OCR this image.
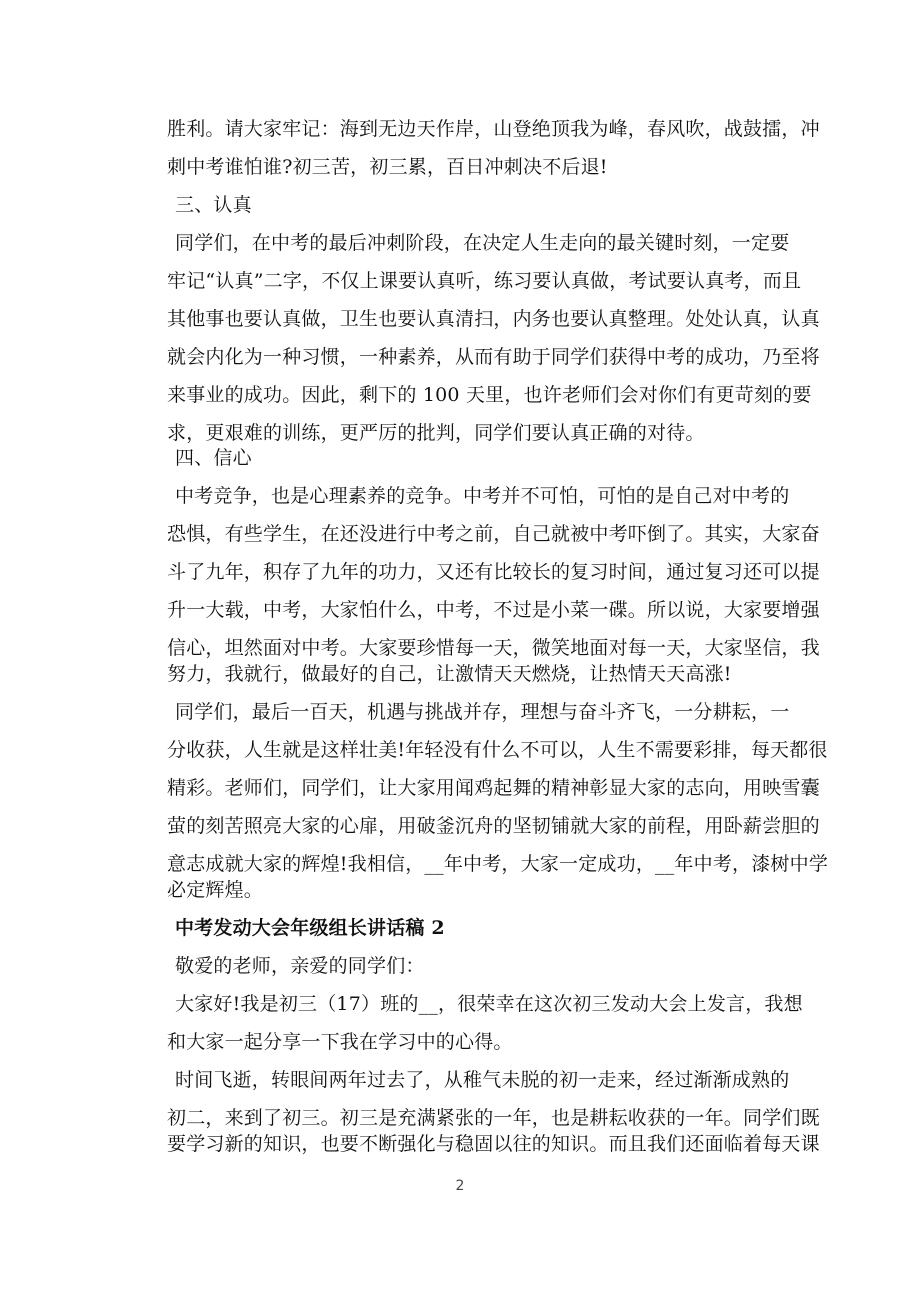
胜利。请大家牢记：海到无边天作岸，山登绝顶我为峰，春风吹，战鼓擂，冲
刺中考谁怕谁?初三苦，初三累，百日冲刺决不后退!
三、认真
同学们，在中考的最后冲刺阶段，在决定人生走向的最关键时刻，一定要
牢记“认真”二字，不仅上课要认真听，练习要认真做，考试要认真考，而且
其他事也要认真做，卫生也要认真清扫，内务也要认真整理。处处认真，认真
就会内化为一种习惯，一种素养，从而有助于同学们获得中考的成功，乃至将
来事业的成功。因此，剩下的 100 天里，也许老师们会对你们有更苛刻的要
求，更艰难的训练，更严厉的批判，同学们要认真正确的对待。
四、信心
中考竞争，也是心理素养的竞争。中考并不可怕，可怕的是自己对中考的
恐惧，有些学生，在还没进行中考之前，自己就被中考吓倒了。其实，大家奋
斗了九年，积存了九年的功力，又还有比较长的复习时间，通过复习还可以提
升一大载，中考，大家怕什么，中考，不过是小菜一碟。所以说，大家要增强
信心，坦然面对中考。大家要珍惜每一天，微笑地面对每一天，大家坚信，我
努力，我就行，做最好的自己，让激情天天燃烧，让热情天天高涨!
同学们，最后一百天，机遇与挑战并存，理想与奋斗齐飞，一分耕耘，一
分收获，人生就是这样壮美!年轻没有什么不可以，人生不需要彩排，每天都很
精彩。老师们，同学们，让大家用闻鸡起舞的精神彰显大家的志向，用映雪囊
萤的刻苦照亮大家的心扉，用破釜沉舟的坚韧铺就大家的前程，用卧薪尝胆的
意志成就大家的辉煌!我相信，__年中考，大家一定成功，__年中考，漆树中学
必定辉煌。
中考发动大会年级组长讲话稿 2
敬爱的老师，亲爱的同学们：
大家好!我是初三（17）班的__，很荣幸在这次初三发动大会上发言，我想
和大家一起分享一下我在学习中的心得。
时间飞逝，转眼间两年过去了，从稚气未脱的初一走来，经过渐渐成熟的
初二，来到了初三。初三是充满紧张的一年，也是耕耘收获的一年。同学们既
要学习新的知识，也要不断强化与稳固以往的知识。而且我们还面临着每天课
2
